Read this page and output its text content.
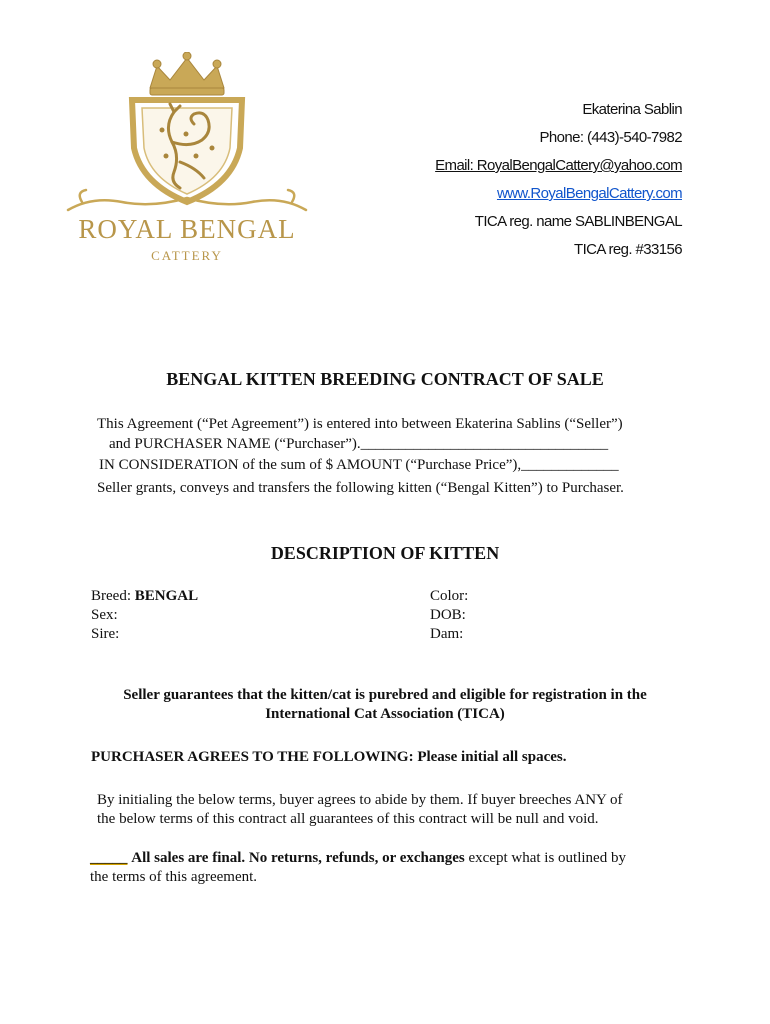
ROYAL BENGAL
CATTERY
Ekaterina Sablin
Phone: (443)-540-7982
Email: RoyalBengalCattery@yahoo.com
www.RoyalBengalCattery.com
TICA reg. name SABLINBENGAL
TICA reg. #33156
BENGAL KITTEN BREEDING CONTRACT OF SALE
This Agreement (“Pet Agreement”) is entered into between Ekaterina Sablins (“Seller”)
and PURCHASER NAME (“Purchaser”)._________________________________
IN CONSIDERATION of the sum of $ AMOUNT (“Purchase Price”),_____________
Seller grants, conveys and transfers the following kitten (“Bengal Kitten”) to Purchaser.
DESCRIPTION OF KITTEN
Breed: BENGAL
Sex:
Sire:
Color:
DOB:
Dam:
Seller guarantees that the kitten/cat is purebred and eligible for registration in the
International Cat Association (TICA)
PURCHASER AGREES TO THE FOLLOWING: Please initial all spaces.
By initialing the below terms, buyer agrees to abide by them. If buyer breeches ANY of
the below terms of this contract all guarantees of this contract will be null and void.
_____ All sales are final. No returns, refunds, or exchanges except what is outlined by
the terms of this agreement.
